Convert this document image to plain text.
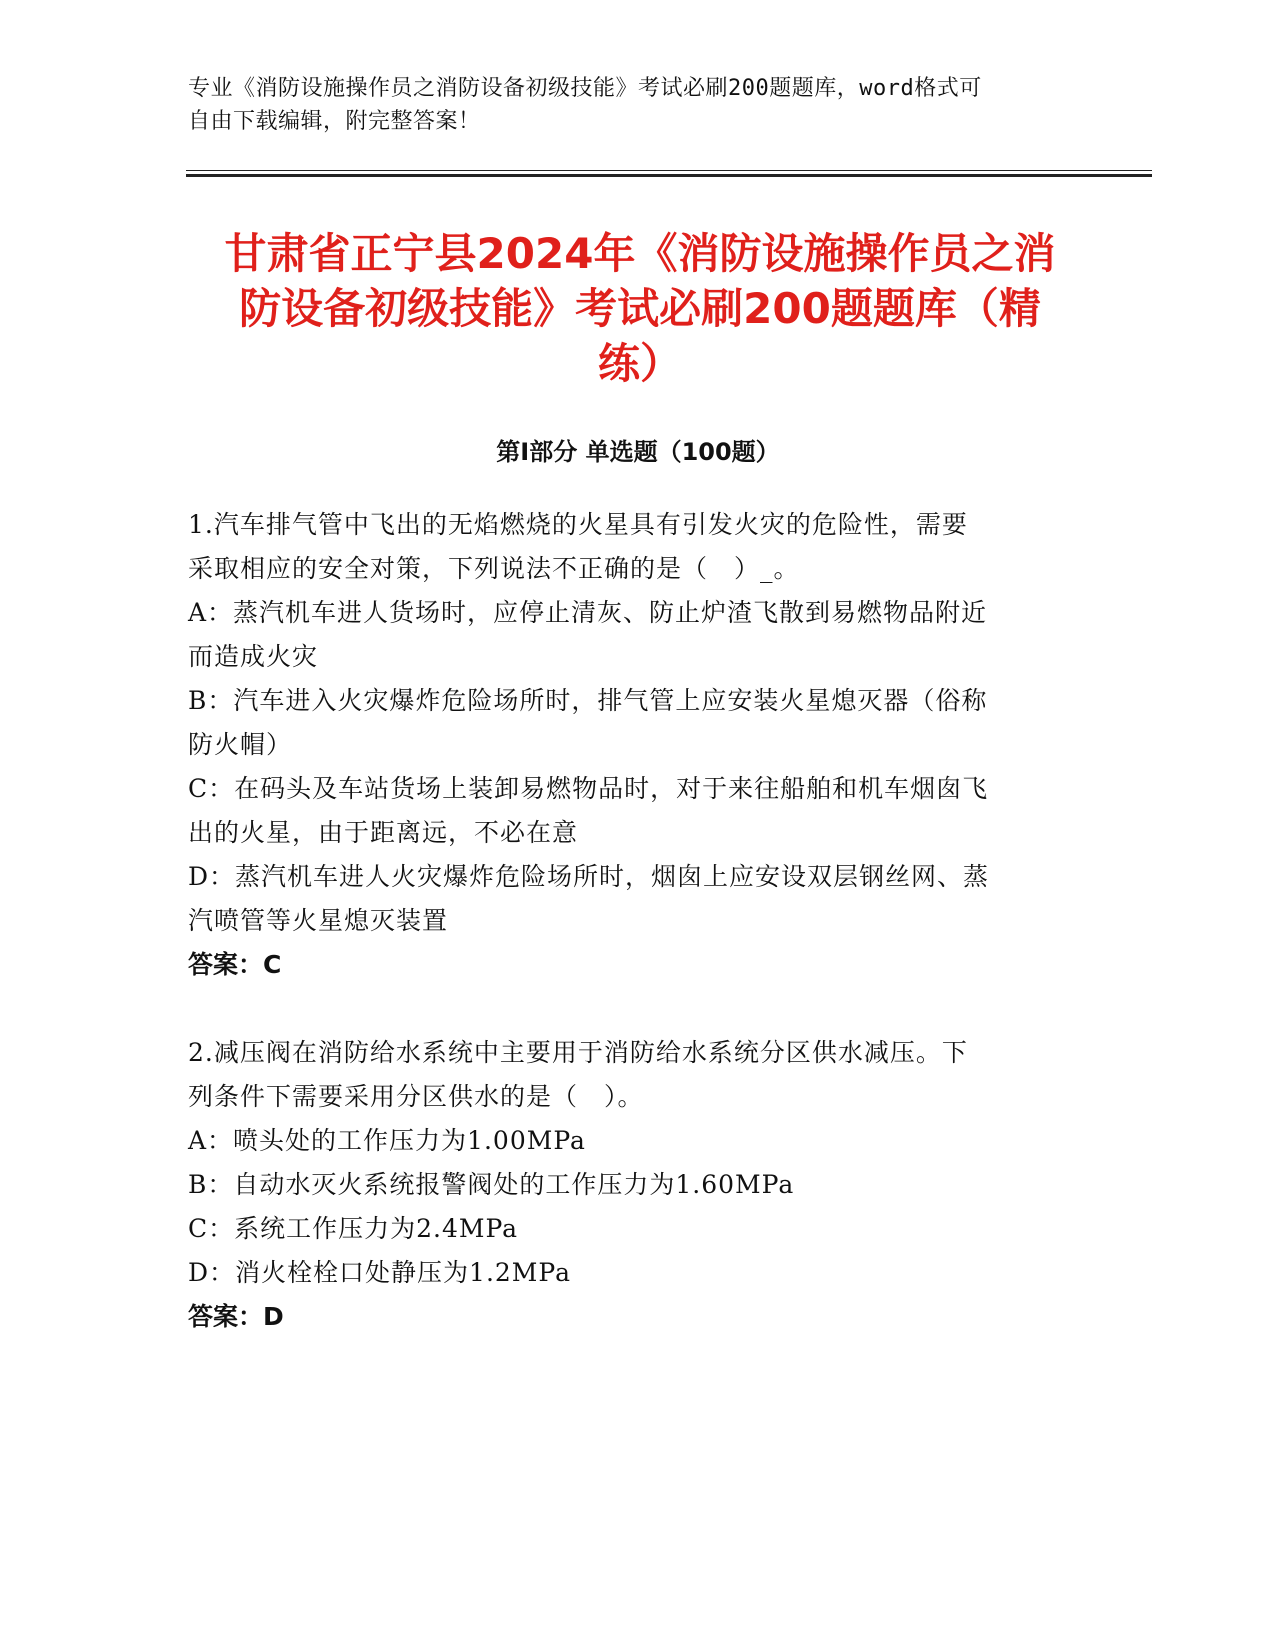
专业《消防设施操作员之消防设备初级技能》考试必刷200题题库，word格式可
自由下载编辑，附完整答案！
甘肃省正宁县2024年《消防设施操作员之消
防设备初级技能》考试必刷200题题库（精
练）
第Ⅰ部分 单选题（100题）
1.汽车排气管中飞出的无焰燃烧的火星具有引发火灾的危险性，需要
采取相应的安全对策，下列说法不正确的是（　）_。
A：蒸汽机车进人货场时，应停止清灰、防止炉渣飞散到易燃物品附近
而造成火灾
B：汽车进入火灾爆炸危险场所时，排气管上应安装火星熄灭器（俗称
防火帽）
C：在码头及车站货场上装卸易燃物品时，对于来往船舶和机车烟囱飞
出的火星，由于距离远，不必在意
D：蒸汽机车进人火灾爆炸危险场所时，烟囱上应安设双层钢丝网、蒸
汽喷管等火星熄灭装置
答案：C
2.减压阀在消防给水系统中主要用于消防给水系统分区供水减压。下
列条件下需要采用分区供水的是（　）。
A：喷头处的工作压力为1.00MPa
B：自动水灭火系统报警阀处的工作压力为1.60MPa
C：系统工作压力为2.4MPa
D：消火栓栓口处静压为1.2MPa
答案：D
